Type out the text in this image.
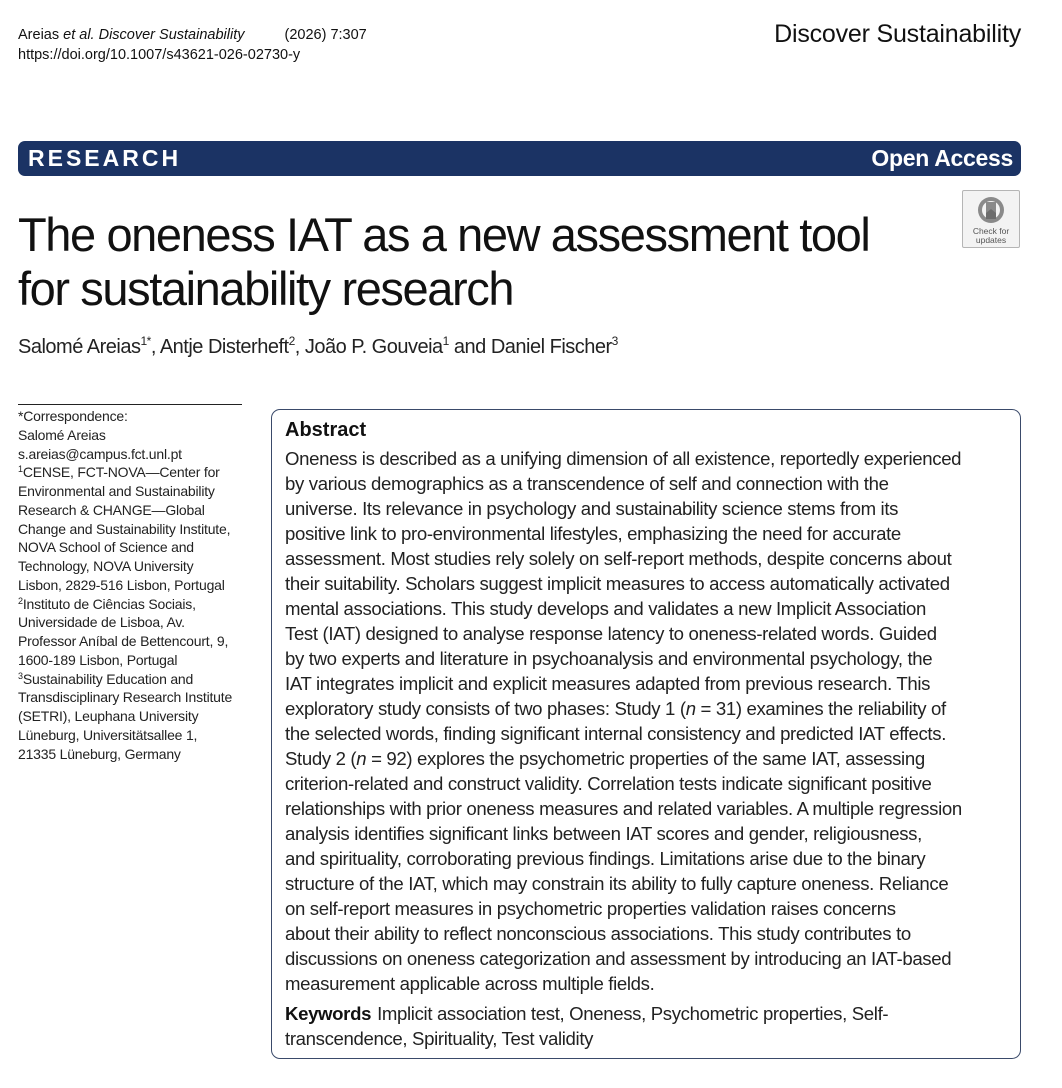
Areias et al. Discover Sustainability	(2026) 7:307
https://doi.org/10.1007/s43621-026-02730-y
Discover Sustainability
RESEARCH	Open Access
Check for
updates
The oneness IAT as a new assessment tool
for sustainability research
Salomé Areias$^{1*}$, Antje Disterheft$^2$, João P. Gouveia$^1$ and Daniel Fischer$^3$
*Correspondence:
Salomé Areias
s.areias@campus.fct.unl.pt
$^1$CENSE, FCT-NOVA—Center for
Environmental and Sustainability
Research & CHANGE—Global
Change and Sustainability Institute,
NOVA School of Science and
Technology, NOVA University
Lisbon, 2829-516 Lisbon, Portugal
$^2$Instituto de Ciências Sociais,
Universidade de Lisboa, Av.
Professor Aníbal de Bettencourt, 9,
1600-189 Lisbon, Portugal
$^3$Sustainability Education and
Transdisciplinary Research Institute
(SETRI), Leuphana University
Lüneburg, Universitätsallee 1,
21335 Lüneburg, Germany
Abstract
Oneness is described as a unifying dimension of all existence, reportedly experienced
by various demographics as a transcendence of self and connection with the
universe. Its relevance in psychology and sustainability science stems from its
positive link to pro-environmental lifestyles, emphasizing the need for accurate
assessment. Most studies rely solely on self-report methods, despite concerns about
their suitability. Scholars suggest implicit measures to access automatically activated
mental associations. This study develops and validates a new Implicit Association
Test (IAT) designed to analyse response latency to oneness-related words. Guided
by two experts and literature in psychoanalysis and environmental psychology, the
IAT integrates implicit and explicit measures adapted from previous research. This
exploratory study consists of two phases: Study 1 (n = 31) examines the reliability of
the selected words, finding significant internal consistency and predicted IAT effects.
Study 2 (n = 92) explores the psychometric properties of the same IAT, assessing
criterion-related and construct validity. Correlation tests indicate significant positive
relationships with prior oneness measures and related variables. A multiple regression
analysis identifies significant links between IAT scores and gender, religiousness,
and spirituality, corroborating previous findings. Limitations arise due to the binary
structure of the IAT, which may constrain its ability to fully capture oneness. Reliance
on self-report measures in psychometric properties validation raises concerns
about their ability to reflect nonconscious associations. This study contributes to
discussions on oneness categorization and assessment by introducing an IAT-based
measurement applicable across multiple fields.
Keywords Implicit association test, Oneness, Psychometric properties, Self-
transcendence, Spirituality, Test validity
